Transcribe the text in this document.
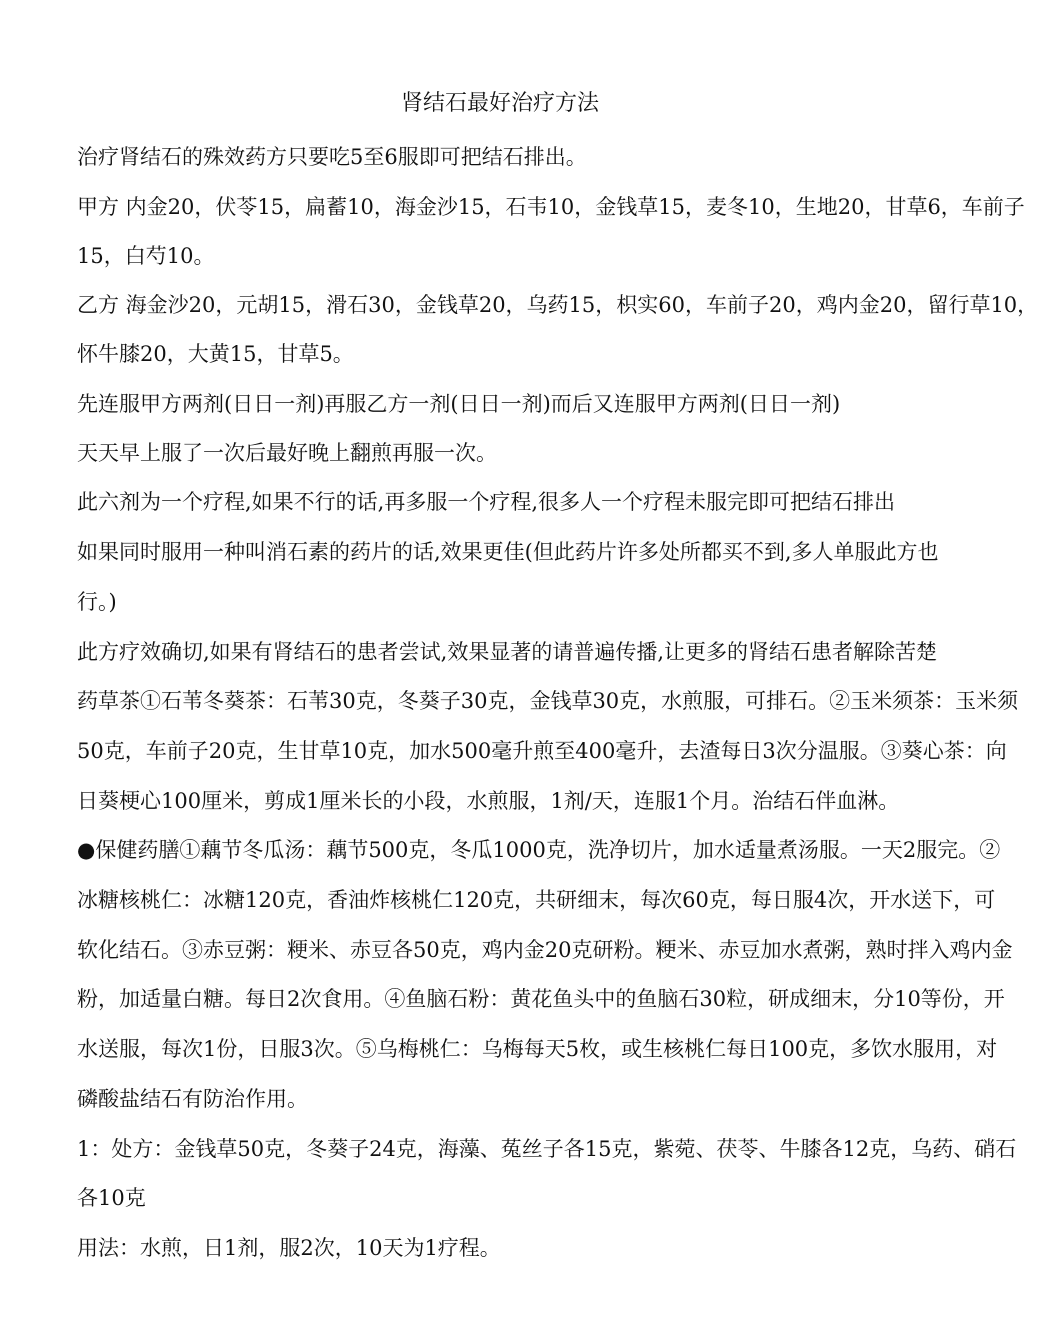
肾结石最好治疗方法
治疗肾结石的殊效药方只要吃5至6服即可把结石排出。
甲方 内金20，伏苓15，扁蓄10，海金沙15，石韦10，金钱草15，麦冬10，生地20，甘草6，车前子
15，白芍10。
乙方 海金沙20，元胡15，滑石30，金钱草20，乌药15，枳实60，车前子20，鸡内金20，留行草10，
怀牛膝20，大黄15，甘草5。
先连服甲方两剂(日日一剂)再服乙方一剂(日日一剂)而后又连服甲方两剂(日日一剂)
天天早上服了一次后最好晚上翻煎再服一次。
此六剂为一个疗程,如果不行的话,再多服一个疗程,很多人一个疗程未服完即可把结石排出
如果同时服用一种叫消石素的药片的话,效果更佳(但此药片许多处所都买不到,多人单服此方也
行。)
此方疗效确切,如果有肾结石的患者尝试,效果显著的请普遍传播,让更多的肾结石患者解除苦楚
药草茶①石苇冬葵茶：石苇30克，冬葵子30克，金钱草30克，水煎服，可排石。②玉米须茶：玉米须
50克，车前子20克，生甘草10克，加水500毫升煎至400毫升，去渣每日3次分温服。③葵心茶：向
日葵梗心100厘米，剪成1厘米长的小段，水煎服，1剂/天，连服1个月。治结石伴血淋。
●保健药膳①藕节冬瓜汤：藕节500克，冬瓜1000克，洗净切片，加水适量煮汤服。一天2服完。②
冰糖核桃仁：冰糖120克，香油炸核桃仁120克，共研细末，每次60克，每日服4次，开水送下，可
软化结石。③赤豆粥：粳米、赤豆各50克，鸡内金20克研粉。粳米、赤豆加水煮粥，熟时拌入鸡内金
粉，加适量白糖。每日2次食用。④鱼脑石粉：黄花鱼头中的鱼脑石30粒，研成细末，分10等份，开
水送服，每次1份，日服3次。⑤乌梅桃仁：乌梅每天5枚，或生核桃仁每日100克，多饮水服用，对
磷酸盐结石有防治作用。
1：处方：金钱草50克，冬葵子24克，海藻、菟丝子各15克，紫菀、茯苓、牛膝各12克，乌药、硝石
各10克
用法：水煎，日1剂，服2次，10天为1疗程。
